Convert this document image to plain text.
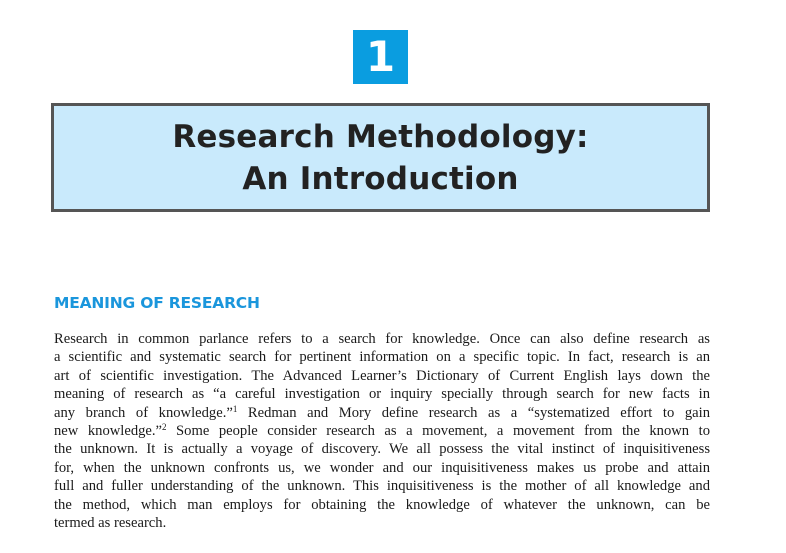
1
Research Methodology:
An Introduction
MEANING OF RESEARCH
Research in common parlance refers to a search for knowledge. Once can also define research as
a scientific and systematic search for pertinent information on a specific topic. In fact, research is an
art of scientific investigation. The Advanced Learner’s Dictionary of Current English lays down the
meaning of research as “a careful investigation or inquiry specially through search for new facts in
any branch of knowledge.”$^1$ Redman and Mory define research as a “systematized effort to gain
new knowledge.”$^2$ Some people consider research as a movement, a movement from the known to
the unknown. It is actually a voyage of discovery. We all possess the vital instinct of inquisitiveness
for, when the unknown confronts us, we wonder and our inquisitiveness makes us probe and attain
full and fuller understanding of the unknown. This inquisitiveness is the mother of all knowledge and
the method, which man employs for obtaining the knowledge of whatever the unknown, can be
termed as research.
